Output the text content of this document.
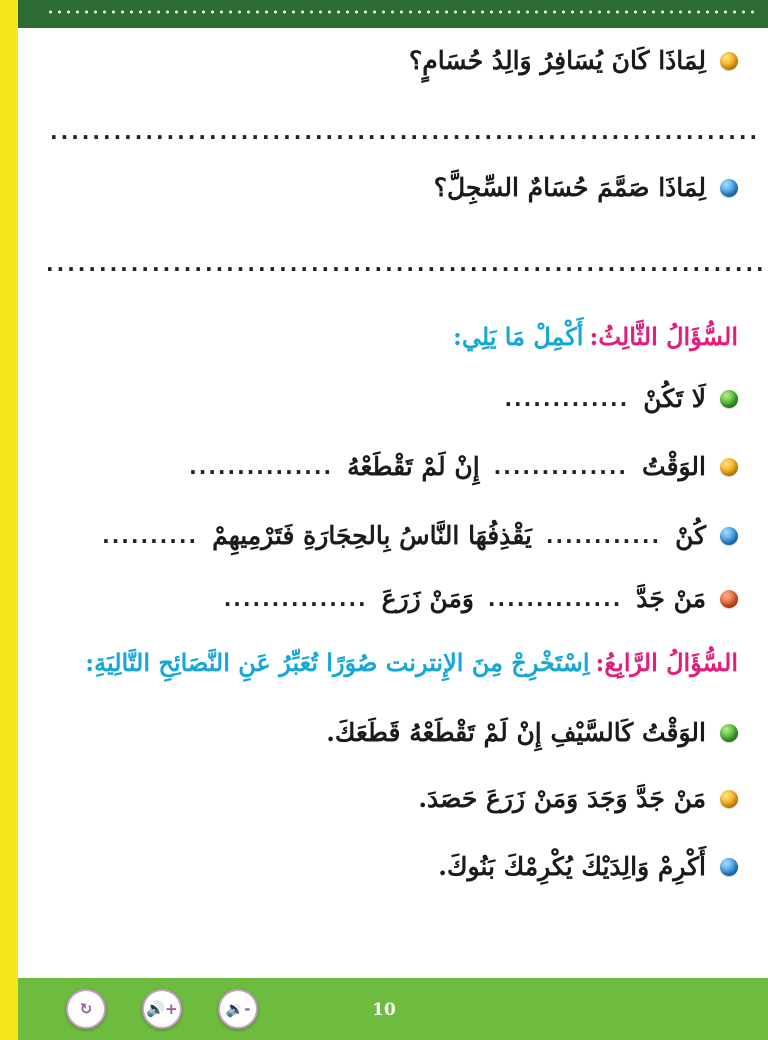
لِمَاذَا كَانَ يُسَافِرُ وَالِدُ حُسَامٍ؟
...................................................................
لِمَاذَا صَمَّمَ حُسَامٌ السِّجِلَّ؟
....................................................................
السُّؤَالُ الثَّالِثُ:
أَكْمِلْ مَا يَلِي:
لَا تَكُنْ
.............
الوَقْتُ
..............
إِنْ لَمْ تَقْطَعْهُ
...............
كُنْ
............
يَقْذِفُهَا النَّاسُ بِالحِجَارَةِ فَتَرْمِيهِمْ
..........
مَنْ جَدَّ
..............
وَمَنْ زَرَعَ
...............
السُّؤَالُ الرَّابِعُ:
اِسْتَخْرِجْ مِنَ الإِنترنت صُوَرًا تُعَبِّرُ عَنِ النَّصَائِحِ التَّالِيَةِ:
الوَقْتُ كَالسَّيْفِ إِنْ لَمْ تَقْطَعْهُ قَطَعَكَ.
مَنْ جَدَّ وَجَدَ وَمَنْ زَرَعَ حَصَدَ.
أَكْرِمْ وَالِدَيْكَ يُكْرِمْكَ بَنُوكَ.
↻	🔊+	🔉-	10
